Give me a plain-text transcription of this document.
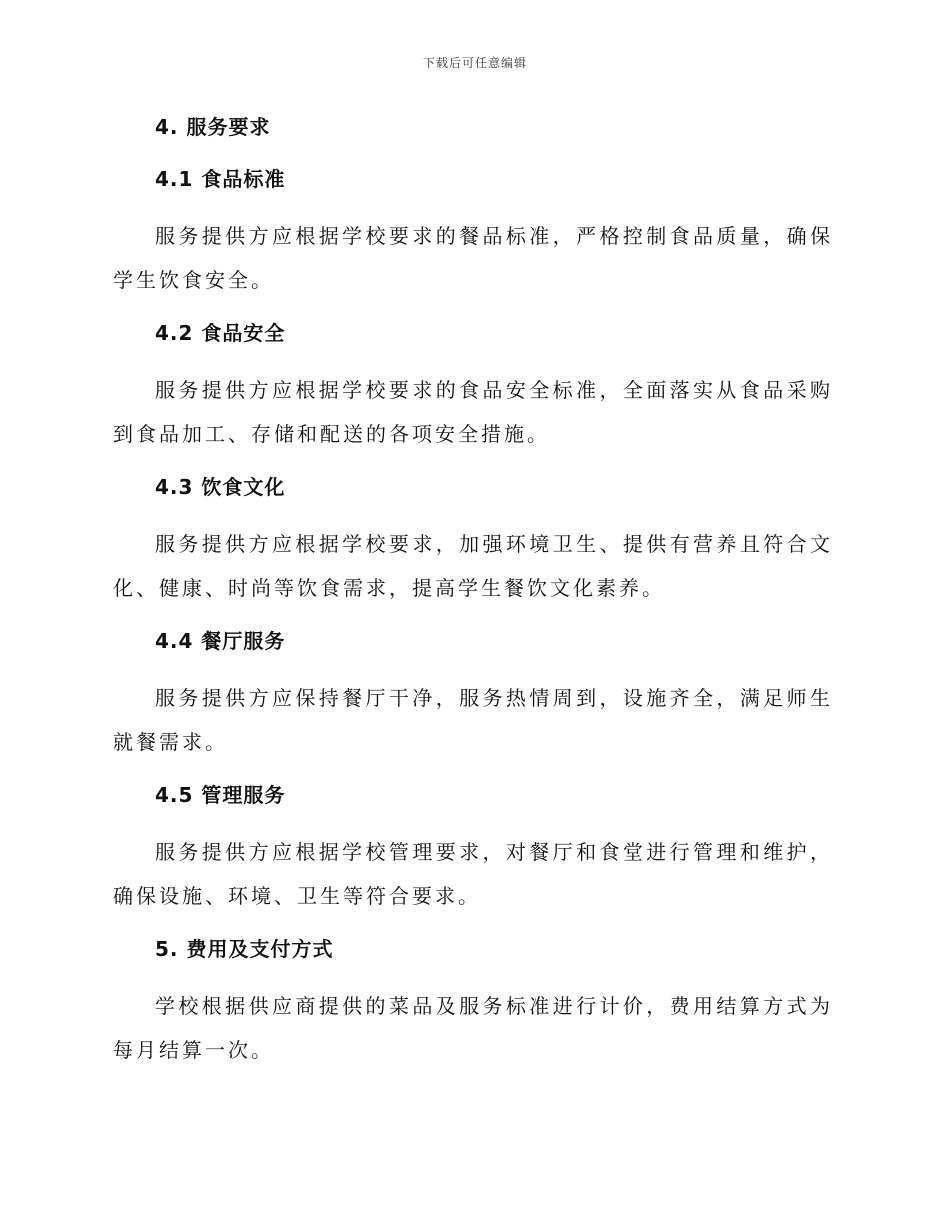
下载后可任意编辑
4. 服务要求
4.1 食品标准

服务提供方应根据学校要求的餐品标准，严格控制食品质量，确保学生饮食安全。

4.2 食品安全

服务提供方应根据学校要求的食品安全标准，全面落实从食品采购到食品加工、存储和配送的各项安全措施。

4.3 饮食文化

服务提供方应根据学校要求，加强环境卫生、提供有营养且符合文化、健康、时尚等饮食需求，提高学生餐饮文化素养。

4.4 餐厅服务

服务提供方应保持餐厅干净，服务热情周到，设施齐全，满足师生就餐需求。

4.5 管理服务

服务提供方应根据学校管理要求，对餐厅和食堂进行管理和维护，确保设施、环境、卫生等符合要求。

5. 费用及支付方式

学校根据供应商提供的菜品及服务标准进行计价，费用结算方式为每月结算一次。
